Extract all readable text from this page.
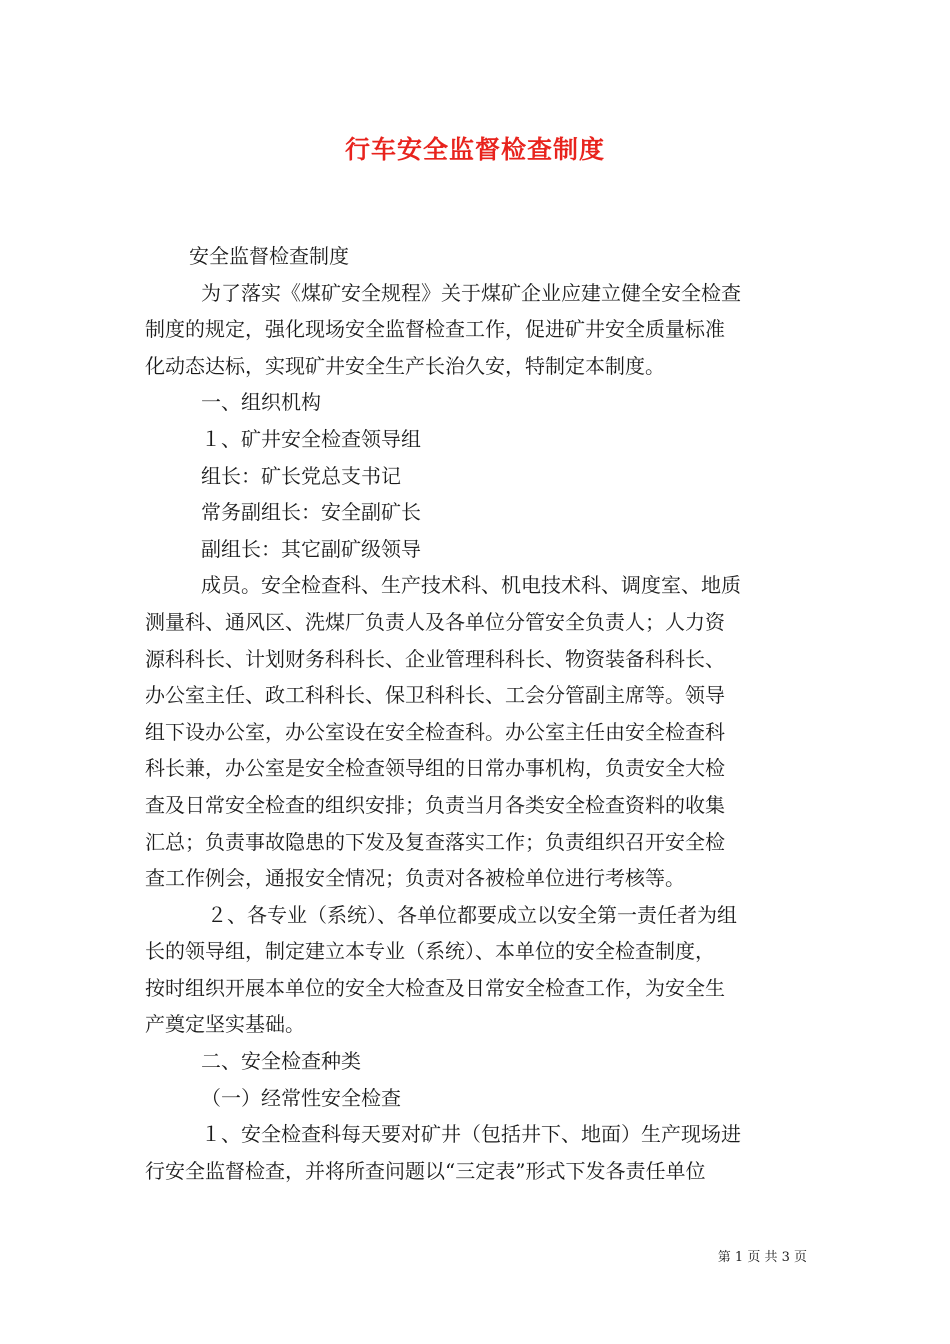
行车安全监督检查制度

安全监督检查制度

为了落实《煤矿安全规程》关于煤矿企业应建立健全安全检查

制度的规定，强化现场安全监督检查工作，促进矿井安全质量标准

化动态达标，实现矿井安全生产长治久安，特制定本制度。

一、组织机构

１、矿井安全检查领导组

组长：矿长党总支书记

常务副组长：安全副矿长

副组长：其它副矿级领导

成员。安全检查科、生产技术科、机电技术科、调度室、地质

测量科、通风区、洗煤厂负责人及各单位分管安全负责人；人力资

源科科长、计划财务科科长、企业管理科科长、物资装备科科长、

办公室主任、政工科科长、保卫科科长、工会分管副主席等。领导

组下设办公室，办公室设在安全检查科。办公室主任由安全检查科

科长兼，办公室是安全检查领导组的日常办事机构，负责安全大检

查及日常安全检查的组织安排；负责当月各类安全检查资料的收集

汇总；负责事故隐患的下发及复查落实工作；负责组织召开安全检

查工作例会，通报安全情况；负责对各被检单位进行考核等。

２、各专业（系统）、各单位都要成立以安全第一责任者为组

长的领导组，制定建立本专业（系统）、本单位的安全检查制度，

按时组织开展本单位的安全大检查及日常安全检查工作，为安全生

产奠定坚实基础。

二、安全检查种类

（一）经常性安全检查

１、安全检查科每天要对矿井（包括井下、地面）生产现场进

行安全监督检查，并将所查问题以“三定表”形式下发各责任单位

第 1 页 共 3 页
